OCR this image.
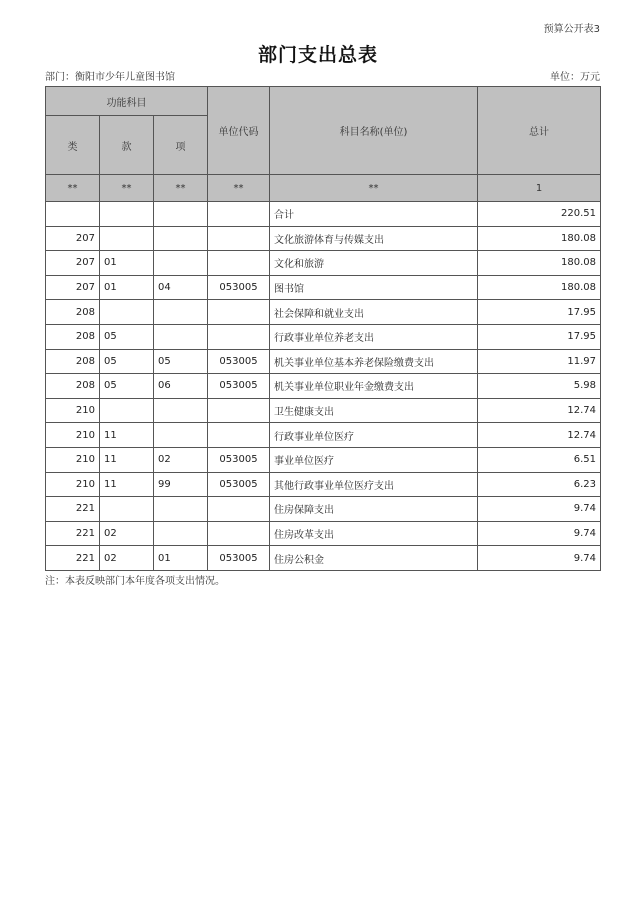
预算公开表3
部门支出总表
部门：衡阳市少年儿童图书馆	单位：万元
功能科目			单位代码	科目名称(单位)	总计
类	款	项			
**	**	**	**	**	1
				合计	220.51
207				文化旅游体育与传媒支出	180.08
207	01			文化和旅游	180.08
207	01	04	053005	图书馆	180.08
208				社会保障和就业支出	17.95
208	05			行政事业单位养老支出	17.95
208	05	05	053005	机关事业单位基本养老保险缴费支出	11.97
208	05	06	053005	机关事业单位职业年金缴费支出	5.98
210				卫生健康支出	12.74
210	11			行政事业单位医疗	12.74
210	11	02	053005	事业单位医疗	6.51
210	11	99	053005	其他行政事业单位医疗支出	6.23
221				住房保障支出	9.74
221	02			住房改革支出	9.74
221	02	01	053005	住房公积金	9.74
注：本表反映部门本年度各项支出情况。
